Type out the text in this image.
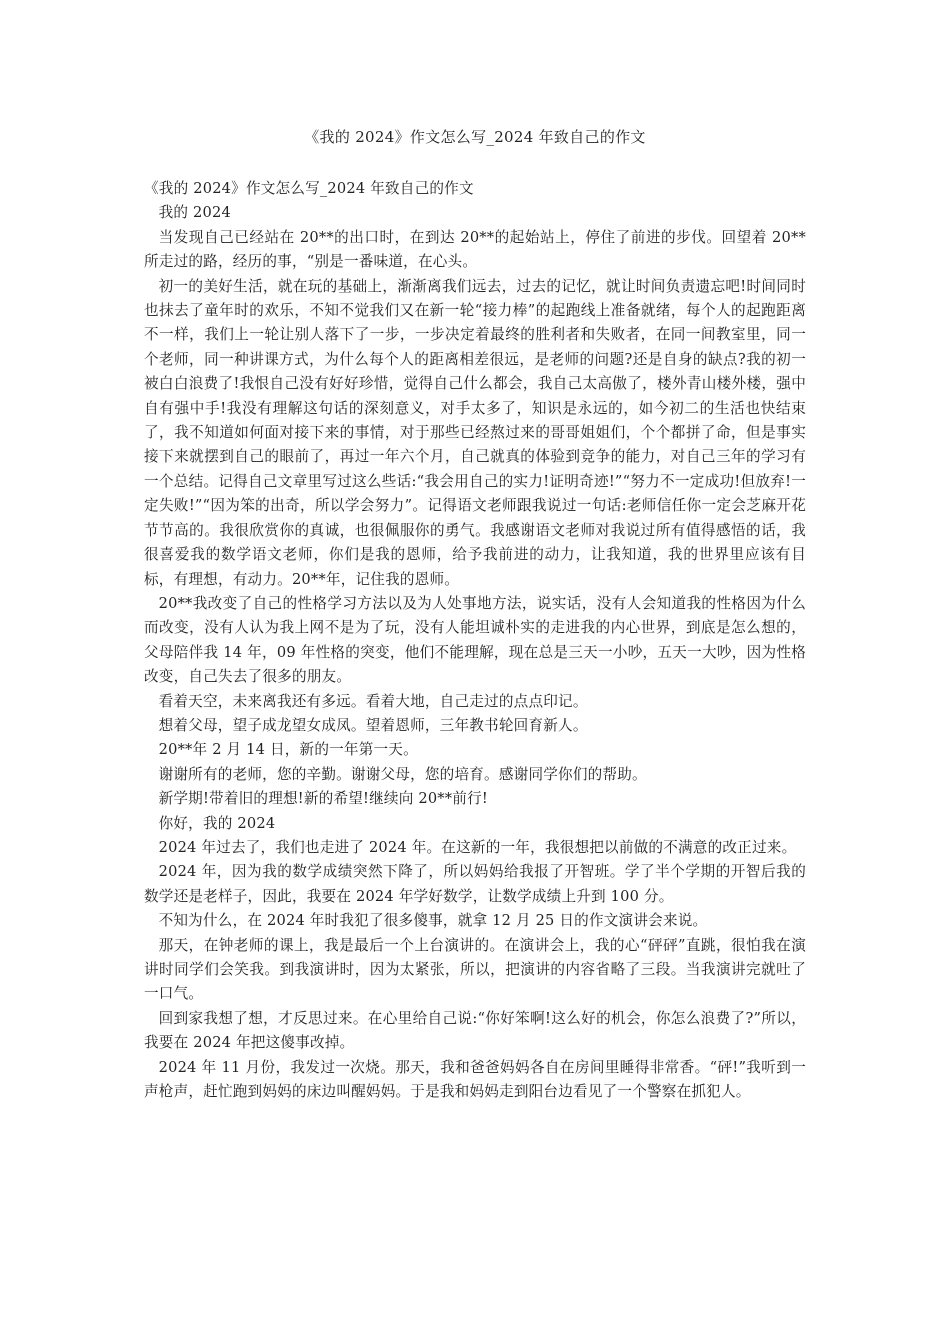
《我的 2024》作文怎么写_2024 年致自己的作文

《我的 2024》作文怎么写_2024 年致自己的作文

我的 2024

当发现自己已经站在 20**的出口时，在到达 20**的起始站上，停住了前进的步伐。回望着 20**所走过的路，经历的事，“别是一番味道，在心头。

初一的美好生活，就在玩的基础上，渐渐离我们远去，过去的记忆，就让时间负责遗忘吧!时间同时也抹去了童年时的欢乐，不知不觉我们又在新一轮“接力棒”的起跑线上准备就绪，每个人的起跑距离不一样，我们上一轮让别人落下了一步，一步决定着最终的胜利者和失败者，在同一间教室里，同一个老师，同一种讲课方式，为什么每个人的距离相差很远，是老师的问题?还是自身的缺点?我的初一被白白浪费了!我恨自己没有好好珍惜，觉得自己什么都会，我自己太高傲了，楼外青山楼外楼，强中自有强中手!我没有理解这句话的深刻意义，对手太多了，知识是永远的，如今初二的生活也快结束了，我不知道如何面对接下来的事情，对于那些已经熬过来的哥哥姐姐们，个个都拼了命，但是事实接下来就摆到自己的眼前了，再过一年六个月，自己就真的体验到竞争的能力，对自己三年的学习有一个总结。记得自己文章里写过这么些话:“我会用自己的实力!证明奇迹!”“努力不一定成功!但放弃!一定失败!”“因为笨的出奇，所以学会努力”。记得语文老师跟我说过一句话:老师信任你一定会芝麻开花节节高的。我很欣赏你的真诚，也很佩服你的勇气。我感谢语文老师对我说过所有值得感悟的话，我很喜爱我的数学语文老师，你们是我的恩师，给予我前进的动力，让我知道，我的世界里应该有目标，有理想，有动力。20**年，记住我的恩师。

20**我改变了自己的性格学习方法以及为人处事地方法，说实话，没有人会知道我的性格因为什么而改变，没有人认为我上网不是为了玩，没有人能坦诚朴实的走进我的内心世界，到底是怎么想的，父母陪伴我 14 年，09 年性格的突变，他们不能理解，现在总是三天一小吵，五天一大吵，因为性格改变，自己失去了很多的朋友。

看着天空，未来离我还有多远。看着大地，自己走过的点点印记。

想着父母，望子成龙望女成凤。望着恩师，三年教书轮回育新人。

20**年 2 月 14 日，新的一年第一天。

谢谢所有的老师，您的辛勤。谢谢父母，您的培育。感谢同学你们的帮助。

新学期!带着旧的理想!新的希望!继续向 20**前行!

你好，我的 2024

2024 年过去了，我们也走进了 2024 年。在这新的一年，我很想把以前做的不满意的改正过来。

2024 年，因为我的数学成绩突然下降了，所以妈妈给我报了开智班。学了半个学期的开智后我的数学还是老样子，因此，我要在 2024 年学好数学，让数学成绩上升到 100 分。

不知为什么，在 2024 年时我犯了很多傻事，就拿 12 月 25 日的作文演讲会来说。

那天，在钟老师的课上，我是最后一个上台演讲的。在演讲会上，我的心“砰砰”直跳，很怕我在演讲时同学们会笑我。到我演讲时，因为太紧张，所以，把演讲的内容省略了三段。当我演讲完就吐了一口气。

回到家我想了想，才反思过来。在心里给自己说:“你好笨啊!这么好的机会，你怎么浪费了?”所以，我要在 2024 年把这傻事改掉。

2024 年 11 月份，我发过一次烧。那天，我和爸爸妈妈各自在房间里睡得非常香。“砰!”我听到一声枪声，赶忙跑到妈妈的床边叫醒妈妈。于是我和妈妈走到阳台边看见了一个警察在抓犯人。
